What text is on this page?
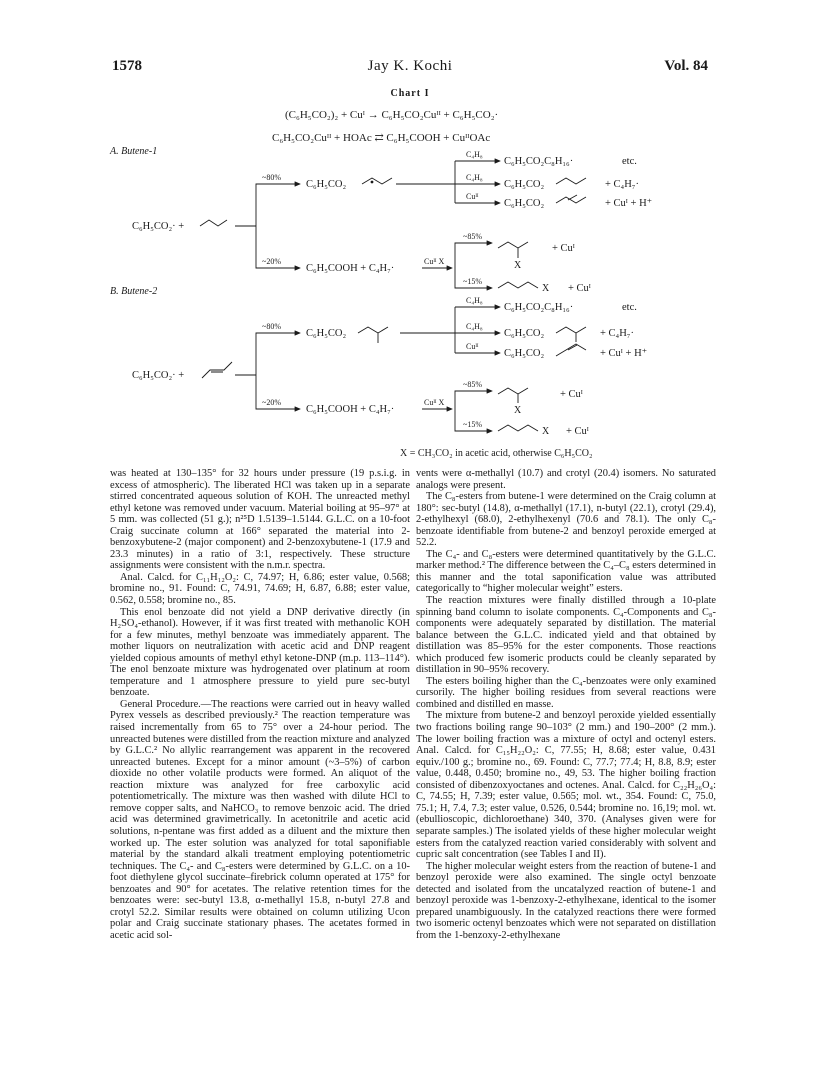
1578	Jay K. Kochi	Vol. 84
Chart I
(C₆H₅CO₂)₂ + Cuᴵ → C₆H₅CO₂Cuᴵᴵ + C₆H₅CO₂·
C₆H₅CO₂Cuᴵᴵ + HOAc ⇄ C₆H₅COOH + CuᴵᴵOAc
A. Butene-1
C₆H₅CO₂· +
~80%
C₆H₅CO₂
C₄H₈
C₆H₅CO₂C₈H₁₆·	etc.
C₄H₈
C₆H₅CO₂	+ C₄H₇·
Cuᴵᴵ
C₆H₅CO₂	+ Cuᴵ + H⁺
~20%
C₆H₅COOH + C₄H₇·
Cuᴵᴵ X
~85%
X
+ Cuᴵ
~15%
X + Cuᴵ
B. Butene-2
C₆H₅CO₂· +
~80%
C₆H₅CO₂
C₄H₈
C₆H₅CO₂C₈H₁₆·	etc.
C₄H₈
C₆H₅CO₂	+ C₄H₇·
Cuᴵᴵ
C₆H₅CO₂	+ Cuᴵ + H⁺
~20%
C₆H₅COOH + C₄H₇·
Cuᴵᴵ X
~85%
X
+ Cuᴵ
~15%
X + Cuᴵ
X = CH₃CO₂ in acetic acid, otherwise C₆H₅CO₂

was heated at 130–135° for 32 hours under pressure (19 p.s.i.g. in excess of atmospheric). The liberated HCl was taken up in a separate stirred concentrated aqueous solution of KOH. The unreacted methyl ethyl ketone was removed under vacuum. Material boiling at 95–97° at 5 mm. was collected (51 g.); n²⁵D 1.5139–1.5144. G.L.C. on a 10-foot Craig succinate column at 166° separated the material into 2-benzoxybutene-2 (major component) and 2-benzoxybutene-1 (17.9 and 23.3 minutes) in a ratio of 3:1, respectively. These structure assignments were consistent with the n.m.r. spectra.

Anal. Calcd. for C₁₁H₁₂O₂: C, 74.97; H, 6.86; ester value, 0.568; bromine no., 91. Found: C, 74.91, 74.69; H, 6.87, 6.88; ester value, 0.562, 0.558; bromine no., 85.

This enol benzoate did not yield a DNP derivative directly (in H₂SO₄-ethanol). However, if it was first treated with methanolic KOH for a few minutes, methyl benzoate was immediately apparent. The mother liquors on neutralization with acetic acid and DNP reagent yielded copious amounts of methyl ethyl ketone-DNP (m.p. 113–114°). The enol benzoate mixture was hydrogenated over platinum at room temperature and 1 atmosphere pressure to yield pure sec-butyl benzoate.

General Procedure.—The reactions were carried out in heavy walled Pyrex vessels as described previously.² The reaction temperature was raised incrementally from 65 to 75° over a 24-hour period. The unreacted butenes were distilled from the reaction mixture and analyzed by G.L.C.² No allylic rearrangement was apparent in the recovered unreacted butenes. Except for a minor amount (~3–5%) of carbon dioxide no other volatile products were formed. An aliquot of the reaction mixture was analyzed for free carboxylic acid potentiometrically. The mixture was then washed with dilute HCl to remove copper salts, and NaHCO₃ to remove benzoic acid. The dried acid was determined gravimetrically. In acetonitrile and acetic acid solutions, n-pentane was first added as a diluent and the mixture then worked up. The ester solution was analyzed for total saponifiable material by the standard alkali treatment employing potentiometric techniques. The C₄- and C₈-esters were determined by G.L.C. on a 10-foot diethylene glycol succinate–firebrick column operated at 175° for benzoates and 90° for acetates. The relative retention times for the benzoates were: sec-butyl 13.8, α-methallyl 15.8, n-butyl 27.8 and crotyl 52.2. Similar results were obtained on column utilizing Ucon polar and Craig succinate stationary phases. The acetates formed in acetic acid sol-

vents were α-methallyl (10.7) and crotyl (20.4) isomers. No saturated analogs were present.

The C₈-esters from butene-1 were determined on the Craig column at 180°: sec-butyl (14.8), α-methallyl (17.1), n-butyl (22.1), crotyl (29.4), 2-ethylhexyl (68.0), 2-ethylhexenyl (70.6 and 78.1). The only C₈-benzoate identifiable from butene-2 and benzoyl peroxide emerged at 52.2.

The C₄- and C₈-esters were determined quantitatively by the G.L.C. marker method.² The difference between the C₄–C₈ esters determined in this manner and the total saponification value was attributed categorically to “higher molecular weight” esters.

The reaction mixtures were finally distilled through a 10-plate spinning band column to isolate components. C₄-Components and C₈-components were adequately separated by distillation. The material balance between the G.L.C. indicated yield and that obtained by distillation was 85–95% for the ester components. Those reactions which produced few isomeric products could be cleanly separated by distillation in 90–95% recovery.

The esters boiling higher than the C₄-benzoates were only examined cursorily. The higher boiling residues from several reactions were combined and distilled en masse.

The mixture from butene-2 and benzoyl peroxide yielded essentially two fractions boiling range 90–103° (2 mm.) and 190–200° (2 mm.). The lower boiling fraction was a mixture of octyl and octenyl esters. Anal. Calcd. for C₁₅H₂₂O₂: C, 77.55; H, 8.68; ester value, 0.431 equiv./100 g.; bromine no., 69. Found: C, 77.7; 77.4; H, 8.8, 8.9; ester value, 0.448, 0.450; bromine no., 49, 53. The higher boiling fraction consisted of dibenzoxyoctanes and octenes. Anal. Calcd. for C₂₂H₂₆O₄: C, 74.55; H, 7.39; ester value, 0.565; mol. wt., 354. Found: C, 75.0, 75.1; H, 7.4, 7.3; ester value, 0.526, 0.544; bromine no. 16,19; mol. wt. (ebullioscopic, dichloroethane) 340, 370. (Analyses given were for separate samples.) The isolated yields of these higher molecular weight esters from the catalyzed reaction varied considerably with solvent and cupric salt concentration (see Tables I and II).

The higher molecular weight esters from the reaction of butene-1 and benzoyl peroxide were also examined. The single octyl benzoate detected and isolated from the uncatalyzed reaction of butene-1 and benzoyl peroxide was 1-benzoxy-2-ethylhexane, identical to the isomer prepared unambiguously. In the catalyzed reactions there were formed two isomeric octenyl benzoates which were not separated on distillation from the 1-benzoxy-2-ethylhexane
